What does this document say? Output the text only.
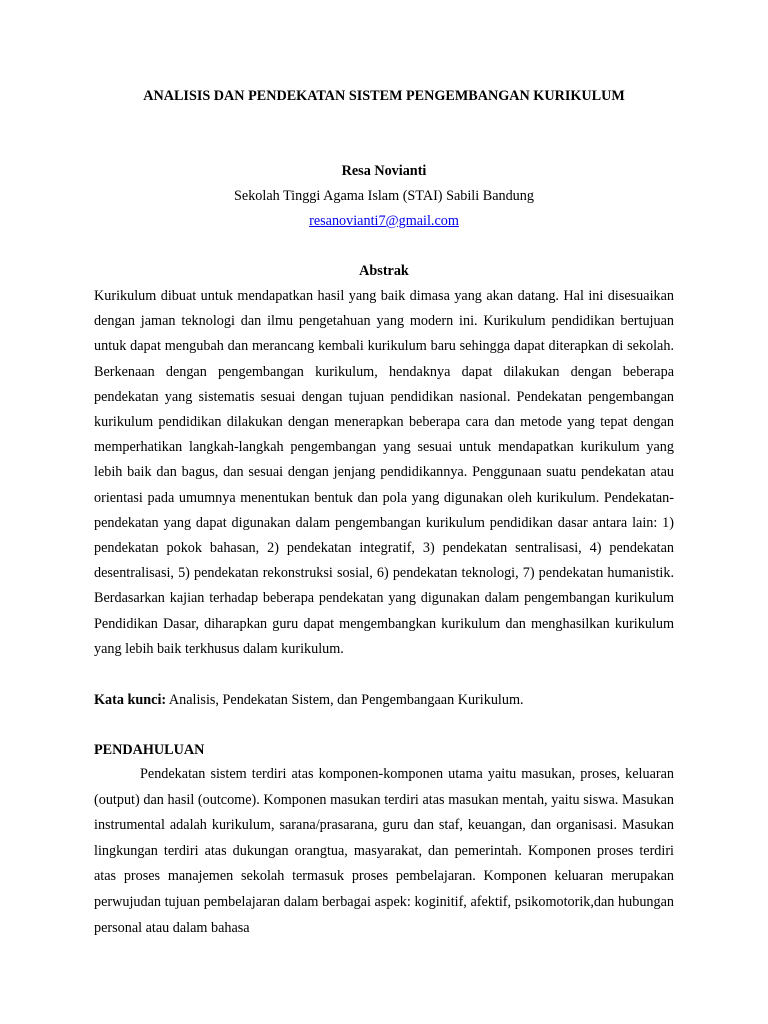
ANALISIS DAN PENDEKATAN SISTEM PENGEMBANGAN KURIKULUM
Resa Novianti
Sekolah Tinggi Agama Islam (STAI) Sabili Bandung
resanovianti7@gmail.com
Abstrak

Kurikulum dibuat untuk mendapatkan hasil yang baik dimasa yang akan datang. Hal ini disesuaikan dengan jaman teknologi dan ilmu pengetahuan yang modern ini. Kurikulum pendidikan bertujuan untuk dapat mengubah dan merancang kembali kurikulum baru sehingga dapat diterapkan di sekolah. Berkenaan dengan pengembangan kurikulum, hendaknya dapat dilakukan dengan beberapa pendekatan yang sistematis sesuai dengan tujuan pendidikan nasional. Pendekatan pengembangan kurikulum pendidikan dilakukan dengan menerapkan beberapa cara dan metode yang tepat dengan memperhatikan langkah-langkah pengembangan yang sesuai untuk mendapatkan kurikulum yang lebih baik dan bagus, dan sesuai dengan jenjang pendidikannya. Penggunaan suatu pendekatan atau orientasi pada umumnya menentukan bentuk dan pola yang digunakan oleh kurikulum. Pendekatan-pendekatan yang dapat digunakan dalam pengembangan kurikulum pendidikan dasar antara lain: 1) pendekatan pokok bahasan, 2) pendekatan integratif, 3) pendekatan sentralisasi, 4) pendekatan desentralisasi, 5) pendekatan rekonstruksi sosial, 6) pendekatan teknologi, 7) pendekatan humanistik. Berdasarkan kajian terhadap beberapa pendekatan yang digunakan dalam pengembangan kurikulum Pendidikan Dasar, diharapkan guru dapat mengembangkan kurikulum dan menghasilkan kurikulum yang lebih baik terkhusus dalam kurikulum.

Kata kunci: Analisis, Pendekatan Sistem, dan Pengembangaan Kurikulum.

PENDAHULUAN

Pendekatan sistem terdiri atas komponen-komponen utama yaitu masukan, proses, keluaran (output) dan hasil (outcome). Komponen masukan terdiri atas masukan mentah, yaitu siswa. Masukan instrumental adalah kurikulum, sarana/prasarana, guru dan staf, keuangan, dan organisasi. Masukan lingkungan terdiri atas dukungan orangtua, masyarakat, dan pemerintah. Komponen proses terdiri atas proses manajemen sekolah termasuk proses pembelajaran. Komponen keluaran merupakan perwujudan tujuan pembelajaran dalam berbagai aspek: koginitif, afektif, psikomotorik,dan hubungan personal atau dalam bahasa
